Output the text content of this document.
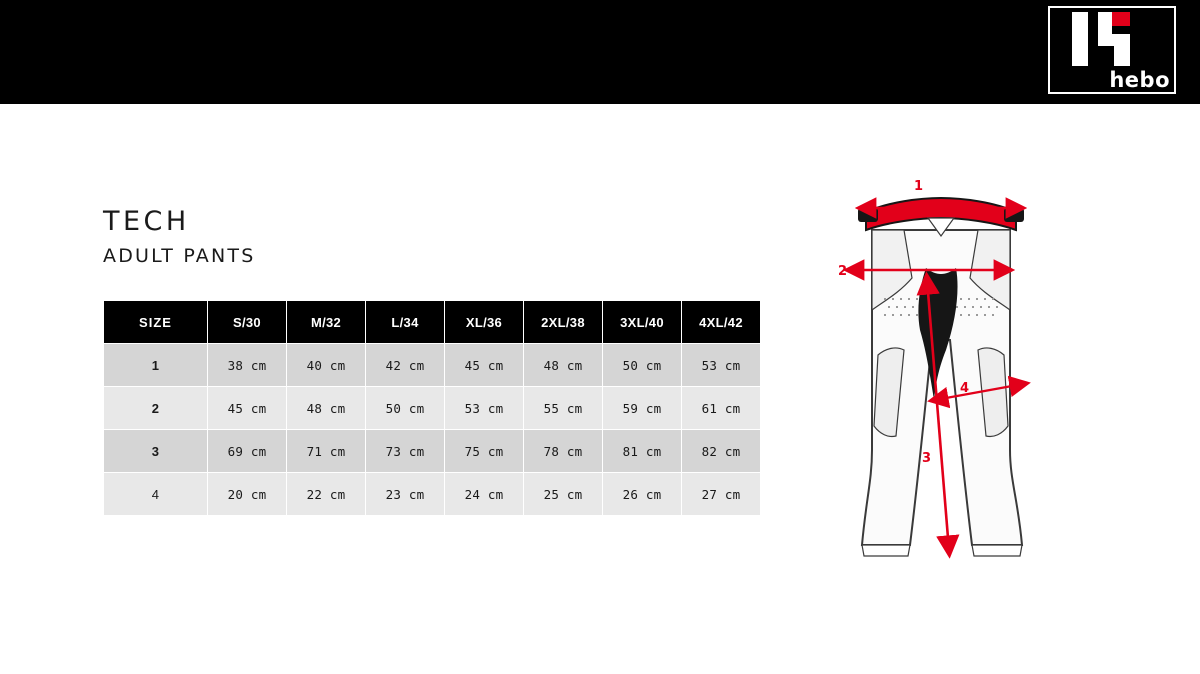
hebo
TECH
ADULT PANTS
SIZE	S/30	M/32	L/34	XL/36	2XL/38	3XL/40	4XL/42
1	38 cm	40 cm	42 cm	45 cm	48 cm	50 cm	53 cm
2	45 cm	48 cm	50 cm	53 cm	55 cm	59 cm	61 cm
3	69 cm	71 cm	73 cm	75 cm	78 cm	81 cm	82 cm
4	20 cm	22 cm	23 cm	24 cm	25 cm	26 cm	27 cm
1
2
3
4
